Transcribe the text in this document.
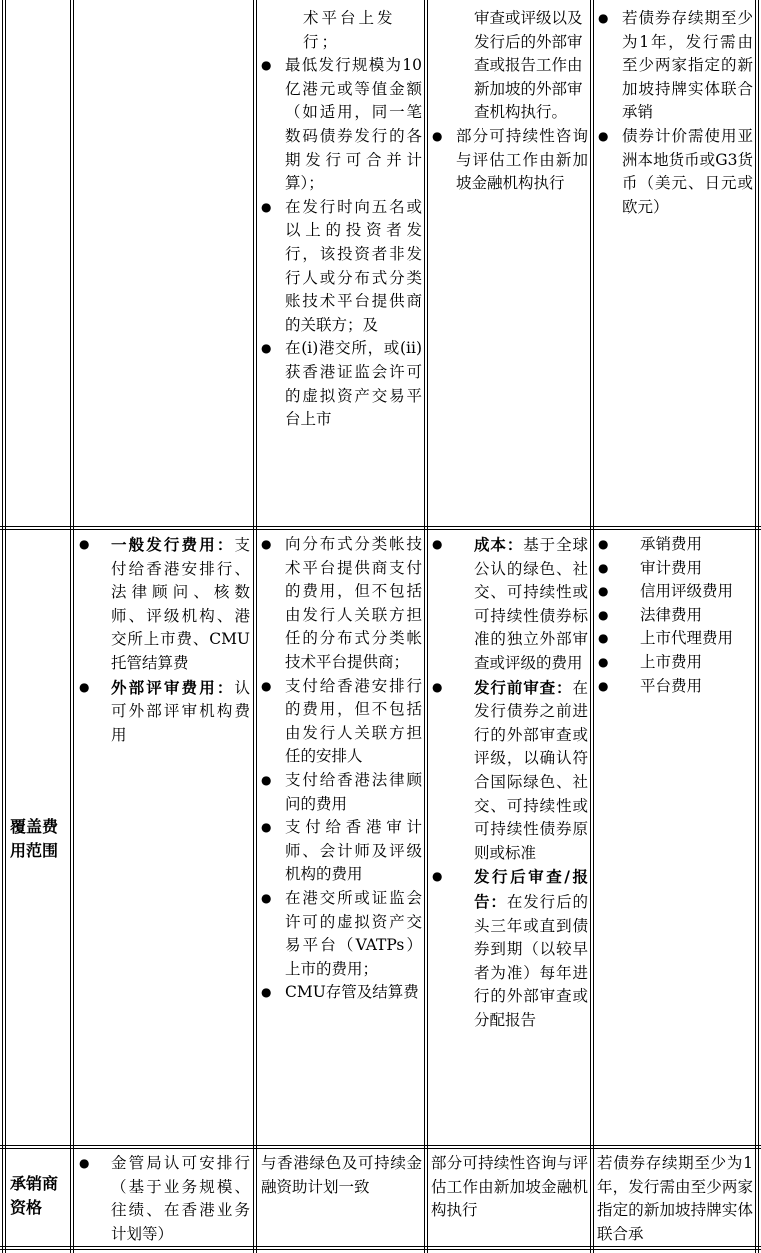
术平台上发行；
● 最低发行规模为10亿港元或等值金额（如适用，同一笔数码债券发行的各期发行可合并计算）；
● 在发行时向五名或以上的投资者发行，该投资者非发行人或分布式分类账技术平台提供商的关联方；及
● 在(i)港交所，或(ii)获香港证监会许可的虚拟资产交易平台上市
审查或评级以及发行后的外部审查或报告工作由新加坡的外部审查机构执行。
● 部分可持续性咨询与评估工作由新加坡金融机构执行
● 若债券存续期至少为1年，发行需由至少两家指定的新加坡持牌实体联合承销
● 债券计价需使用亚洲本地货币或G3货币（美元、日元或欧元）
覆盖费用范围
● 一般发行费用：支付给香港安排行、法律顾问、核数师、评级机构、港交所上市费、CMU托管结算费
● 外部评审费用：认可外部评审机构费用
● 向分布式分类帐技术平台提供商支付的费用，但不包括由发行人关联方担任的分布式分类帐技术平台提供商；
● 支付给香港安排行的费用，但不包括由发行人关联方担任的安排人
● 支付给香港法律顾问的费用
● 支付给香港审计师、会计师及评级机构的费用
● 在港交所或证监会许可的虚拟资产交易平台（VATPs）上市的费用；
● CMU存管及结算费
● 成本：基于全球公认的绿色、社交、可持续性或可持续性债券标准的独立外部审查或评级的费用
● 发行前审查：在发行债券之前进行的外部审查或评级，以确认符合国际绿色、社交、可持续性或可持续性债券原则或标准
● 发行后审查/报告：在发行后的头三年或直到债券到期（以较早者为准）每年进行的外部审查或分配报告
● 承销费用
● 审计费用
● 信用评级费用
● 法律费用
● 上市代理费用
● 上市费用
● 平台费用
承销商资格
● 金管局认可安排行（基于业务规模、往绩、在香港业务计划等）
与香港绿色及可持续金融资助计划一致
部分可持续性咨询与评估工作由新加坡金融机构执行
若债券存续期至少为1年，发行需由至少两家指定的新加坡持牌实体联合承
